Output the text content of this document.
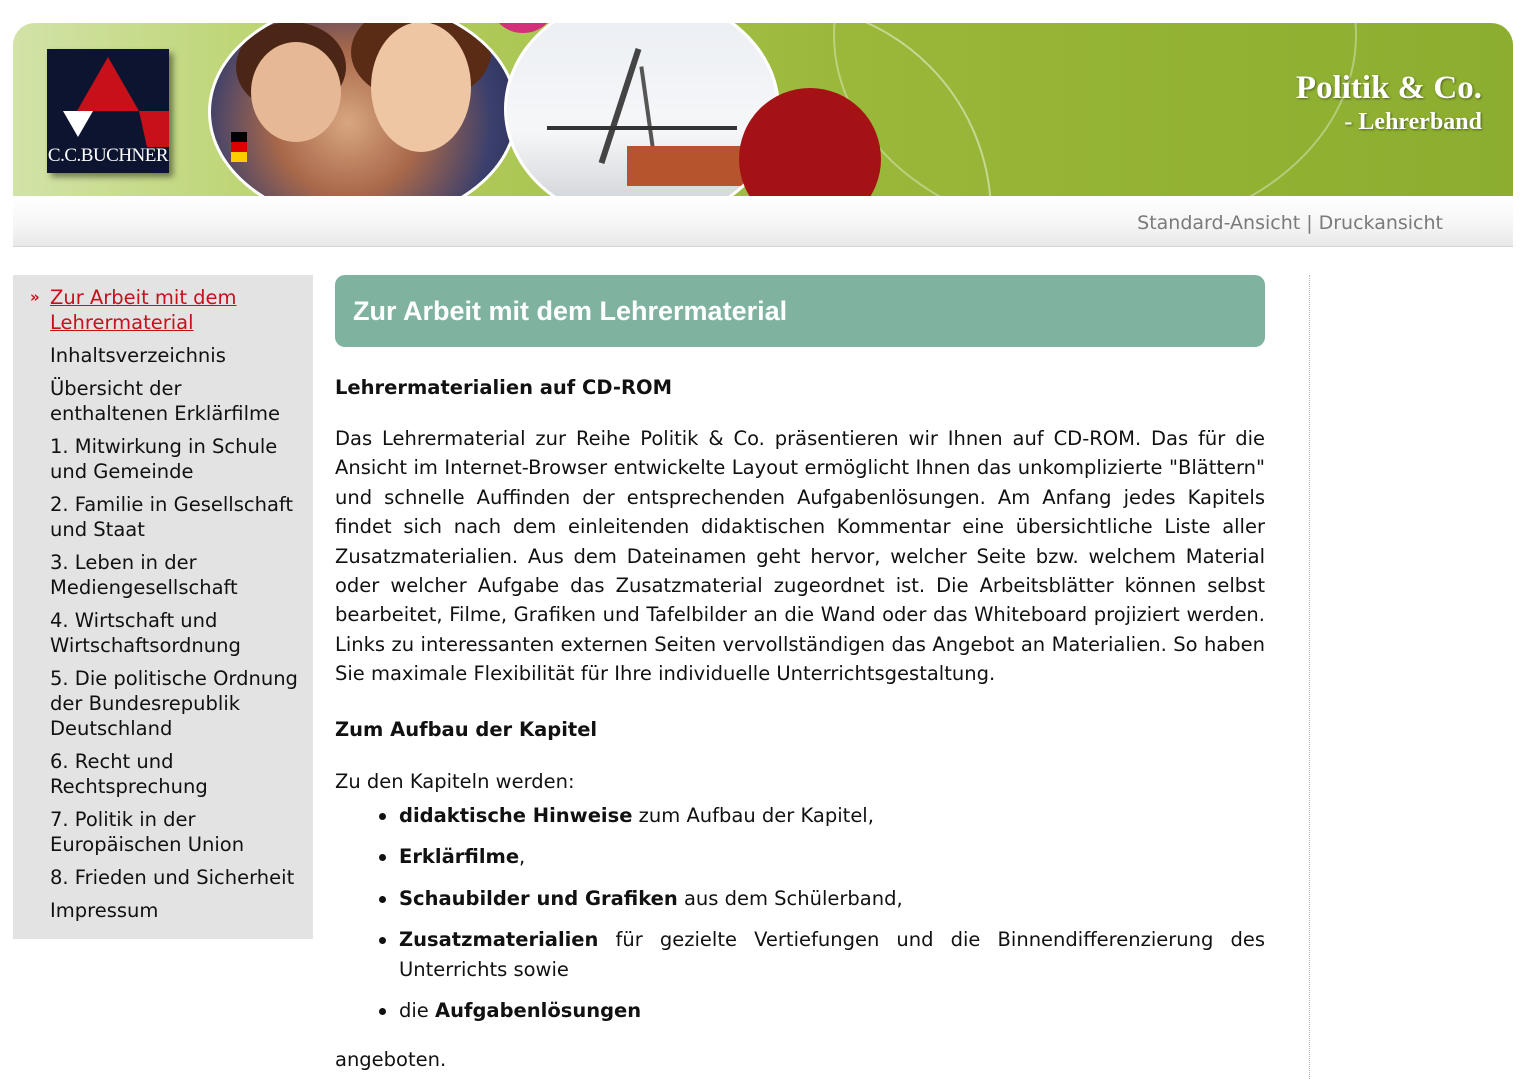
C.C.BUCHNER
Politik & Co.
- Lehrerband
Standard-Ansicht | Druckansicht
» Zur Arbeit mit dem Lehrermaterial
Inhaltsverzeichnis
Übersicht der enthaltenen Erklärfilme
1. Mitwirkung in Schule und Gemeinde
2. Familie in Gesellschaft und Staat
3. Leben in der Mediengesellschaft
4. Wirtschaft und Wirtschaftsordnung
5. Die politische Ordnung der Bundesrepublik Deutschland
6. Recht und Rechtsprechung
7. Politik in der Europäischen Union
8. Frieden und Sicherheit
Impressum
Zur Arbeit mit dem Lehrermaterial
Lehrermaterialien auf CD-ROM

Das Lehrermaterial zur Reihe Politik & Co. präsentieren wir Ihnen auf CD-ROM. Das für die Ansicht im Internet-Browser entwickelte Layout ermöglicht Ihnen das unkomplizierte "Blättern" und schnelle Auffinden der entsprechenden Aufgabenlösungen. Am Anfang jedes Kapitels findet sich nach dem einleitenden didaktischen Kommentar eine übersichtliche Liste aller Zusatzmaterialien. Aus dem Dateinamen geht hervor, welcher Seite bzw. welchem Material oder welcher Aufgabe das Zusatzmaterial zugeordnet ist. Die Arbeitsblätter können selbst bearbeitet, Filme, Grafiken und Tafelbilder an die Wand oder das Whiteboard projiziert werden. Links zu interessanten externen Seiten vervollständigen das Angebot an Materialien. So haben Sie maximale Flexibilität für Ihre individuelle Unterrichtsgestaltung.

Zum Aufbau der Kapitel

Zu den Kapiteln werden:

didaktische Hinweise zum Aufbau der Kapitel,
Erklärfilme,
Schaubilder und Grafiken aus dem Schülerband,
Zusatzmaterialien für gezielte Vertiefungen und die Binnendifferenzierung des Unterrichts sowie
die Aufgabenlösungen

angeboten.
